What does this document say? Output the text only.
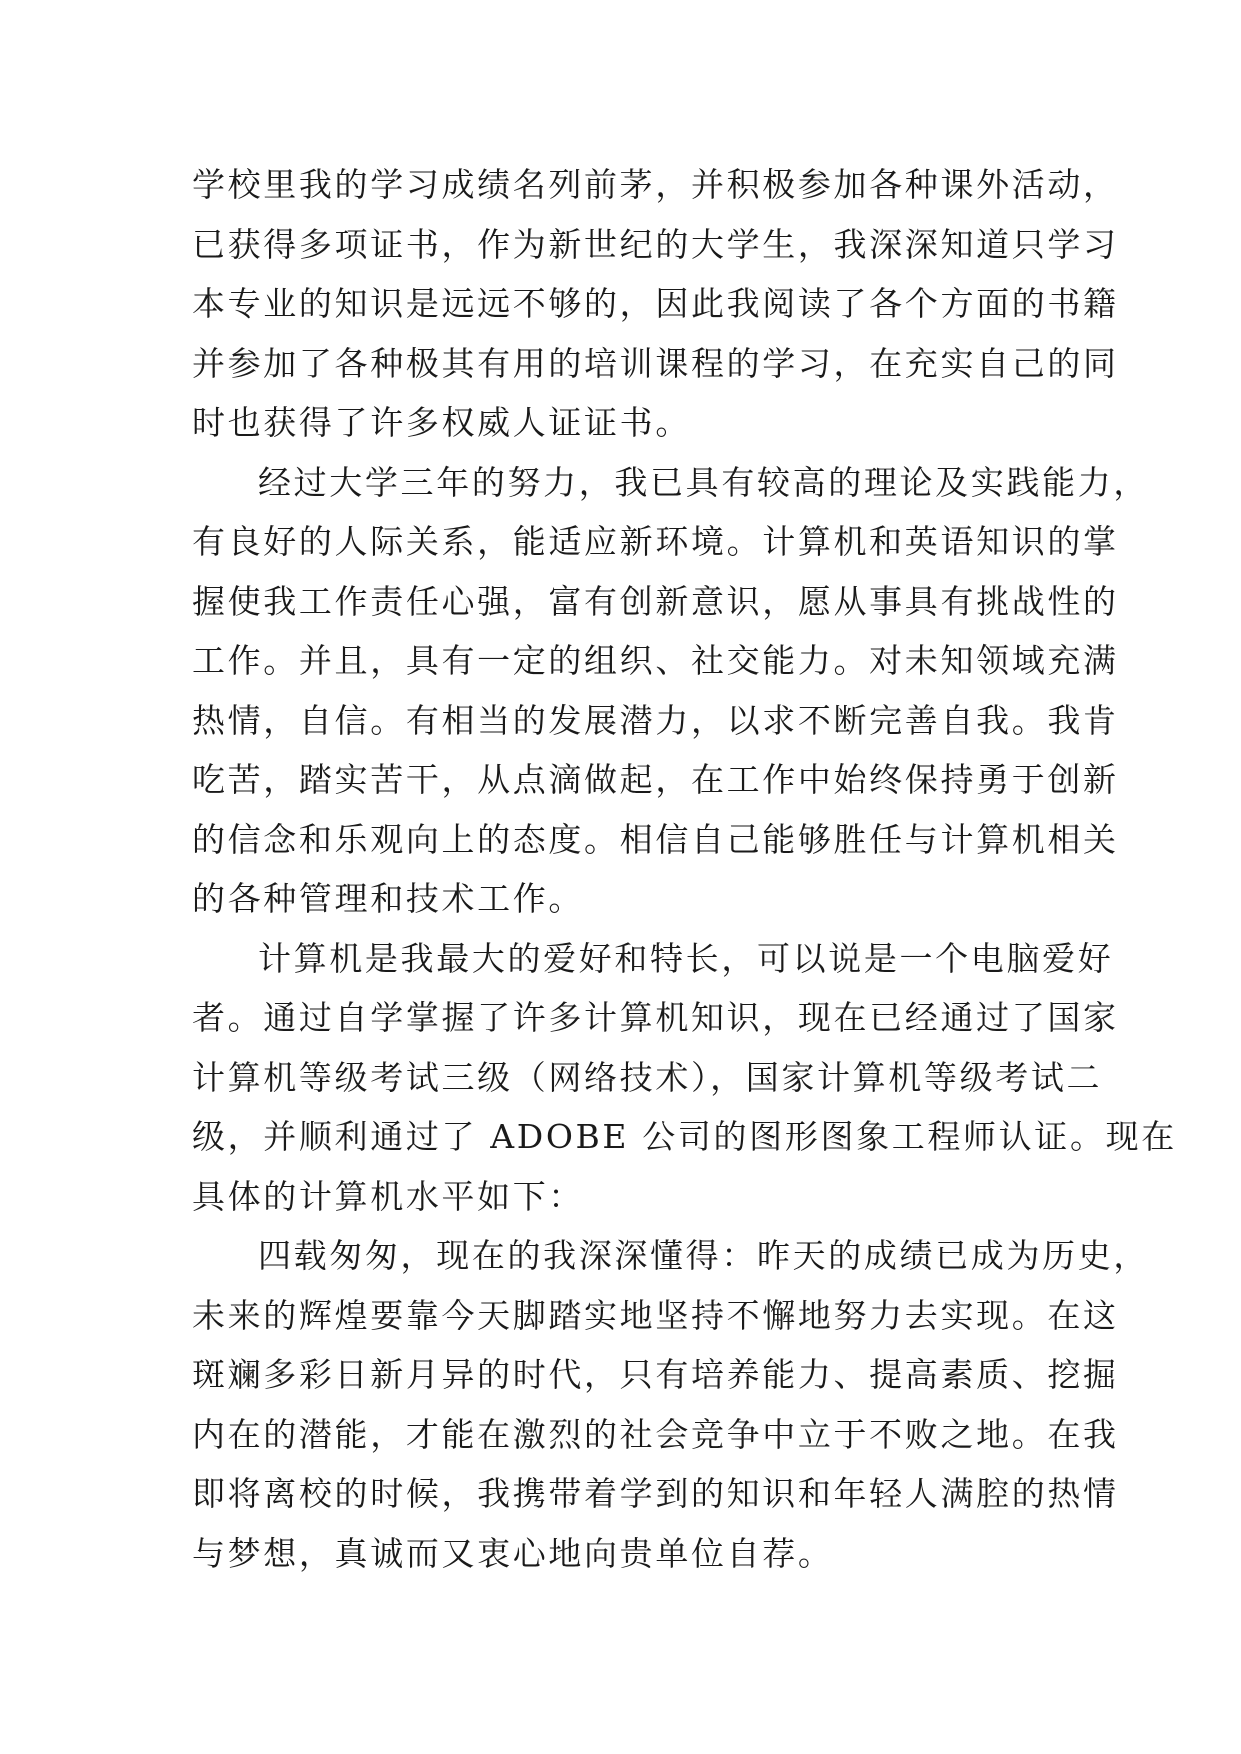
学校里我的学习成绩名列前茅，并积极参加各种课外活动，
已获得多项证书，作为新世纪的大学生，我深深知道只学习
本专业的知识是远远不够的，因此我阅读了各个方面的书籍
并参加了各种极其有用的培训课程的学习，在充实自己的同
时也获得了许多权威人证证书。
经过大学三年的努力，我已具有较高的理论及实践能力，
有良好的人际关系，能适应新环境。计算机和英语知识的掌
握使我工作责任心强，富有创新意识，愿从事具有挑战性的
工作。并且，具有一定的组织、社交能力。对未知领域充满
热情，自信。有相当的发展潜力，以求不断完善自我。我肯
吃苦，踏实苦干，从点滴做起，在工作中始终保持勇于创新
的信念和乐观向上的态度。相信自己能够胜任与计算机相关
的各种管理和技术工作。
计算机是我最大的爱好和特长，可以说是一个电脑爱好
者。通过自学掌握了许多计算机知识，现在已经通过了国家
计算机等级考试三级（网络技术），国家计算机等级考试二
级，并顺利通过了 ADOBE 公司的图形图象工程师认证。现在
具体的计算机水平如下：
四载匆匆，现在的我深深懂得：昨天的成绩已成为历史，
未来的辉煌要靠今天脚踏实地坚持不懈地努力去实现。在这
斑斓多彩日新月异的时代，只有培养能力、提高素质、挖掘
内在的潜能，才能在激烈的社会竞争中立于不败之地。在我
即将离校的时候，我携带着学到的知识和年轻人满腔的热情
与梦想，真诚而又衷心地向贵单位自荐。
